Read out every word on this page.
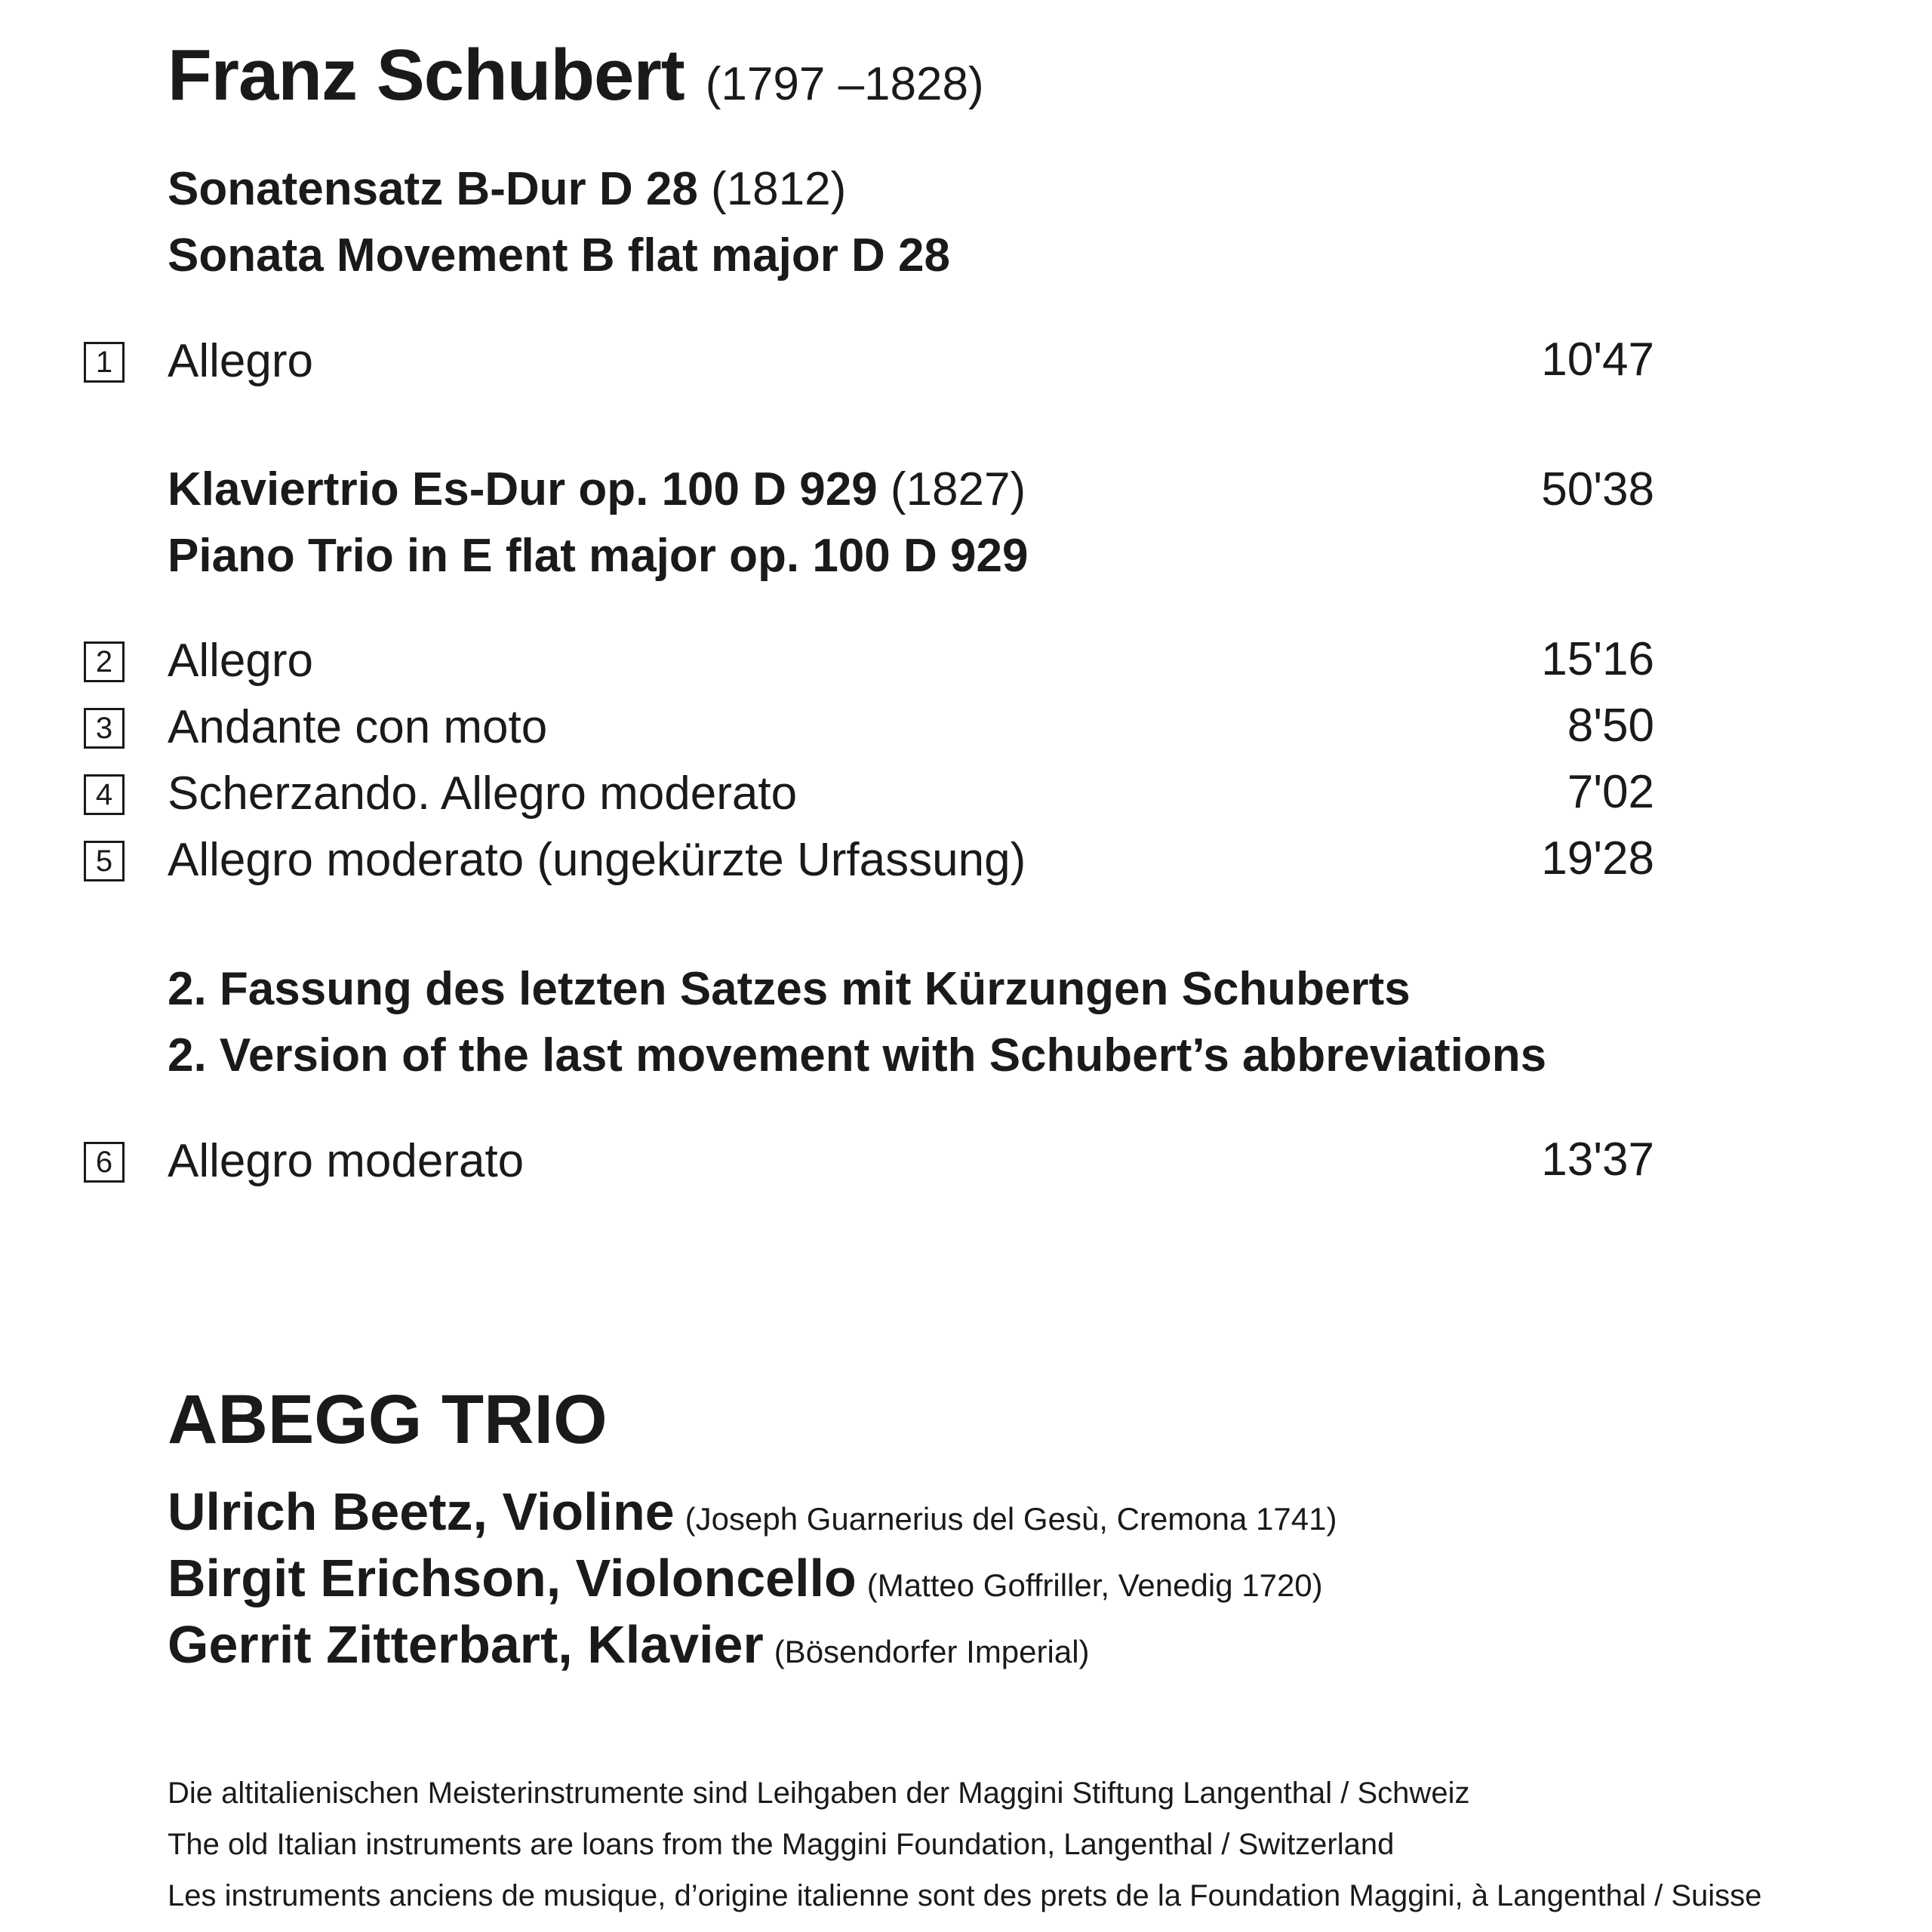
Franz Schubert (1797 –1828)
Sonatensatz B-Dur D 28 (1812)
Sonata Movement B flat major D 28
1 Allegro	10'47
Klaviertrio Es-Dur op. 100 D 929 (1827)	50'38
Piano Trio in E flat major op. 100 D 929
2 Allegro	15'16
3 Andante con moto	8'50
4 Scherzando. Allegro moderato	7'02
5 Allegro moderato (ungekürzte Urfassung)	19'28
2. Fassung des letzten Satzes mit Kürzungen Schuberts
2. Version of the last movement with Schubert’s abbreviations
6 Allegro moderato	13'37
ABEGG TRIO
Ulrich Beetz, Violine (Joseph Guarnerius del Gesù, Cremona 1741)
Birgit Erichson, Violoncello (Matteo Goffriller, Venedig 1720)
Gerrit Zitterbart, Klavier (Bösendorfer Imperial)
Die altitalienischen Meisterinstrumente sind Leihgaben der Maggini Stiftung Langenthal / Schweiz
The old Italian instruments are loans from the Maggini Foundation, Langenthal / Switzerland
Les instruments anciens de musique, d’origine italienne sont des prets de la Foundation Maggini, à Langenthal / Suisse
